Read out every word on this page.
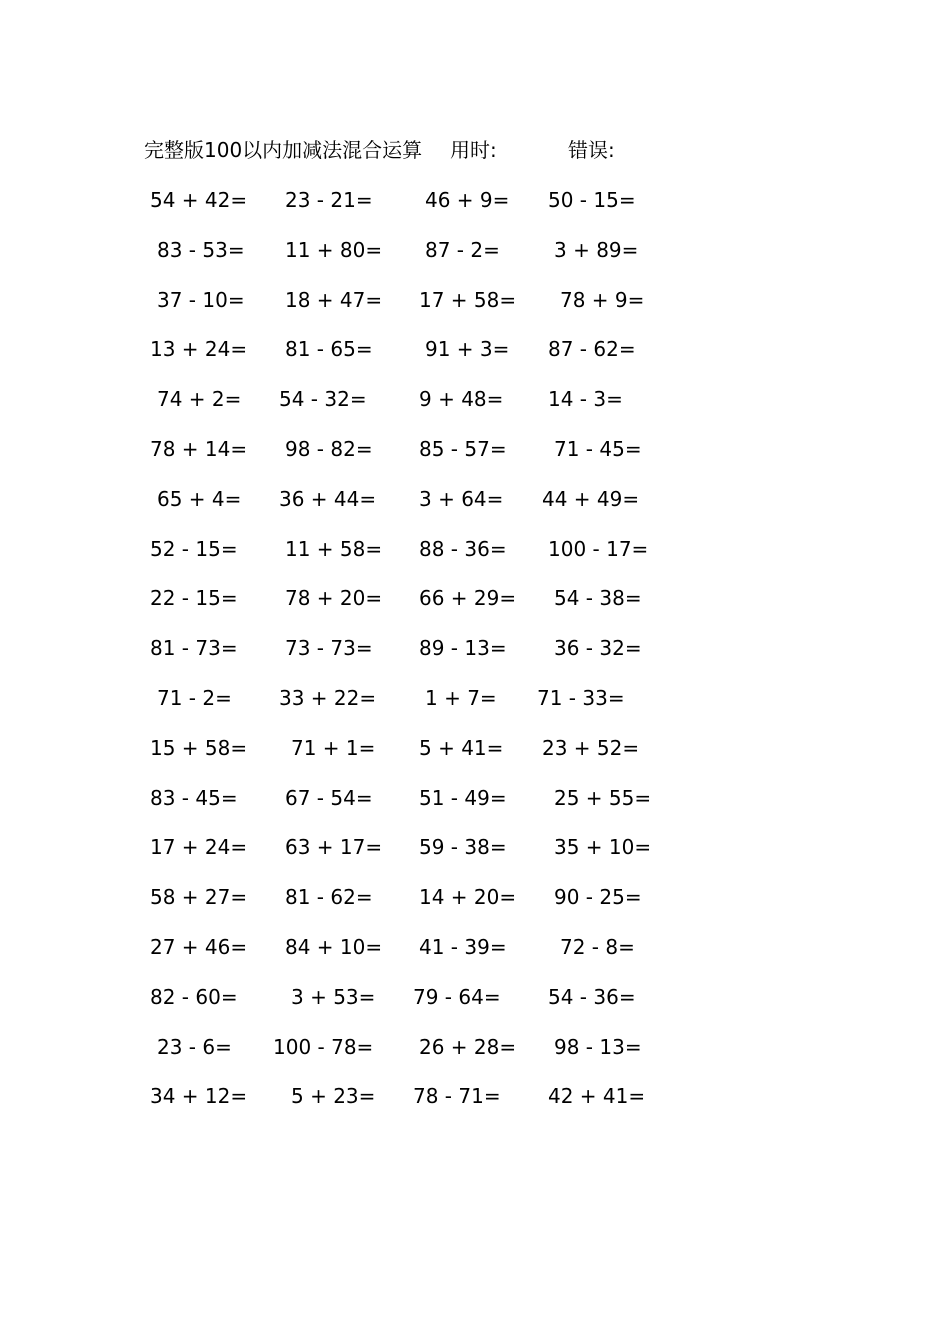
完整版100以内加减法混合运算 用时:	错误:
54 + 42= 23 - 21=	46 + 9= 50 - 15=
83 - 53= 11 + 80= 87 - 2=	3 + 89=
37 - 10= 18 + 47= 17 + 58= 78 + 9=
13 + 24= 81 - 65=	91 + 3= 87 - 62=
74 + 2= 54 - 32=	9 + 48= 14 - 3=
78 + 14= 98 - 82= 85 - 57= 71 - 45=
65 + 4= 36 + 44= 3 + 64= 44 + 49=
52 - 15= 11 + 58= 88 - 36= 100 - 17=
22 - 15= 78 + 20= 66 + 29= 54 - 38=
81 - 73= 73 - 73= 89 - 13= 36 - 32=
71 - 2= 33 + 22= 1 + 7= 71 - 33=
15 + 58= 71 + 1= 5 + 41= 23 + 52=
83 - 45= 67 - 54= 51 - 49= 25 + 55=
17 + 24= 63 + 17= 59 - 38= 35 + 10=
58 + 27= 81 - 62= 14 + 20= 90 - 25=
27 + 46= 84 + 10= 41 - 39=	72 - 8=
82 - 60=	3 + 53= 79 - 64= 54 - 36=
23 - 6= 100 - 78= 26 + 28= 98 - 13=
34 + 12= 5 + 23= 78 - 71= 42 + 41=
